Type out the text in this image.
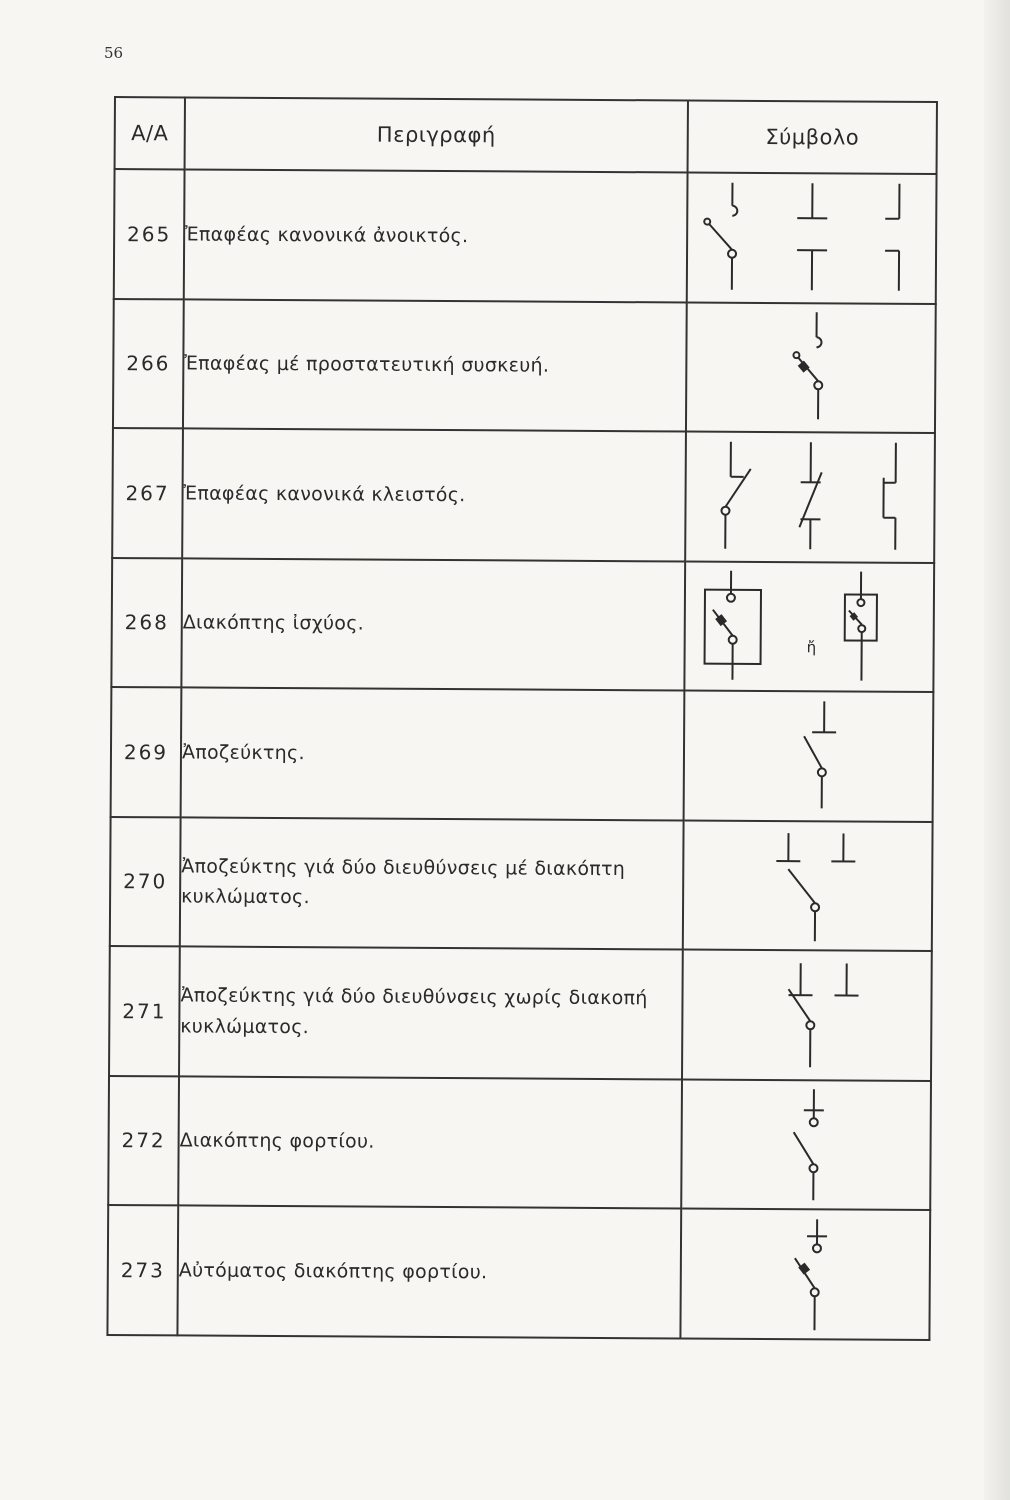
56
Α/Α	Περιγραφή	Σύμβολο
265	Ἐπαφέας κανονικά ἀνοικτός.	

266	Ἐπαφέας μέ προστατευτική συσκευή.	

267	Ἐπαφέας κανονικά κλειστός.	

268	Διακόπτης ἰσχύος.	ἤ

269	Ἀποζεύκτης.	

270	Ἀποζεύκτης γιά δύο διευθύνσεις μέ διακόπτη κυκλώματος.	

271	Ἀποζεύκτης γιά δύο διευθύνσεις χωρίς διακοπή κυκλώματος.	

272	Διακόπτης φορτίου.	

273	Αὐτόματος διακόπτης φορτίου.	
